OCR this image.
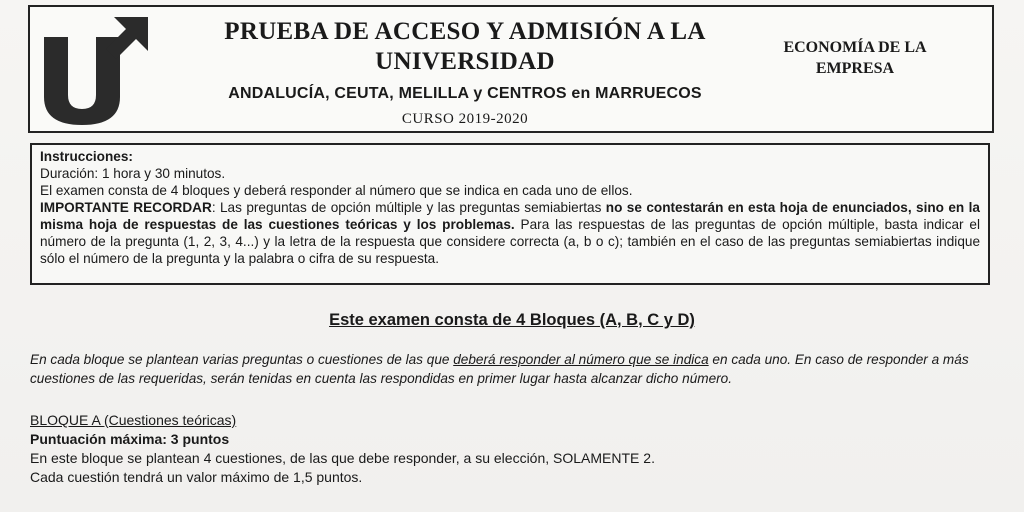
PRUEBA DE ACCESO Y ADMISIÓN A LA

UNIVERSIDAD

ANDALUCÍA, CEUTA, MELILLA y CENTROS en MARRUECOS
CURSO 2019-2020
ECONOMÍA DE LA
EMPRESA

Instrucciones:

Duración: 1 hora y 30 minutos.

El examen consta de 4 bloques y deberá responder al número que se indica en cada uno de ellos.

IMPORTANTE RECORDAR: Las preguntas de opción múltiple y las preguntas semiabiertas no se contestarán en esta hoja de enunciados, sino en la misma hoja de respuestas de las cuestiones teóricas y los problemas. Para las respuestas de las preguntas de opción múltiple, basta indicar el número de la pregunta (1, 2, 3, 4...) y la letra de la respuesta que considere correcta (a, b o c); también en el caso de las preguntas semiabiertas indique sólo el número de la pregunta y la palabra o cifra de su respuesta.

Este examen consta de 4 Bloques (A, B, C y D)

En cada bloque se plantean varias preguntas o cuestiones de las que deberá responder al número que se indica en cada uno. En caso de responder a más cuestiones de las requeridas, serán tenidas en cuenta las respondidas en primer lugar hasta alcanzar dicho número.

BLOQUE A (Cuestiones teóricas)

Puntuación máxima: 3 puntos

En este bloque se plantean 4 cuestiones, de las que debe responder, a su elección, SOLAMENTE 2.

Cada cuestión tendrá un valor máximo de 1,5 puntos.
